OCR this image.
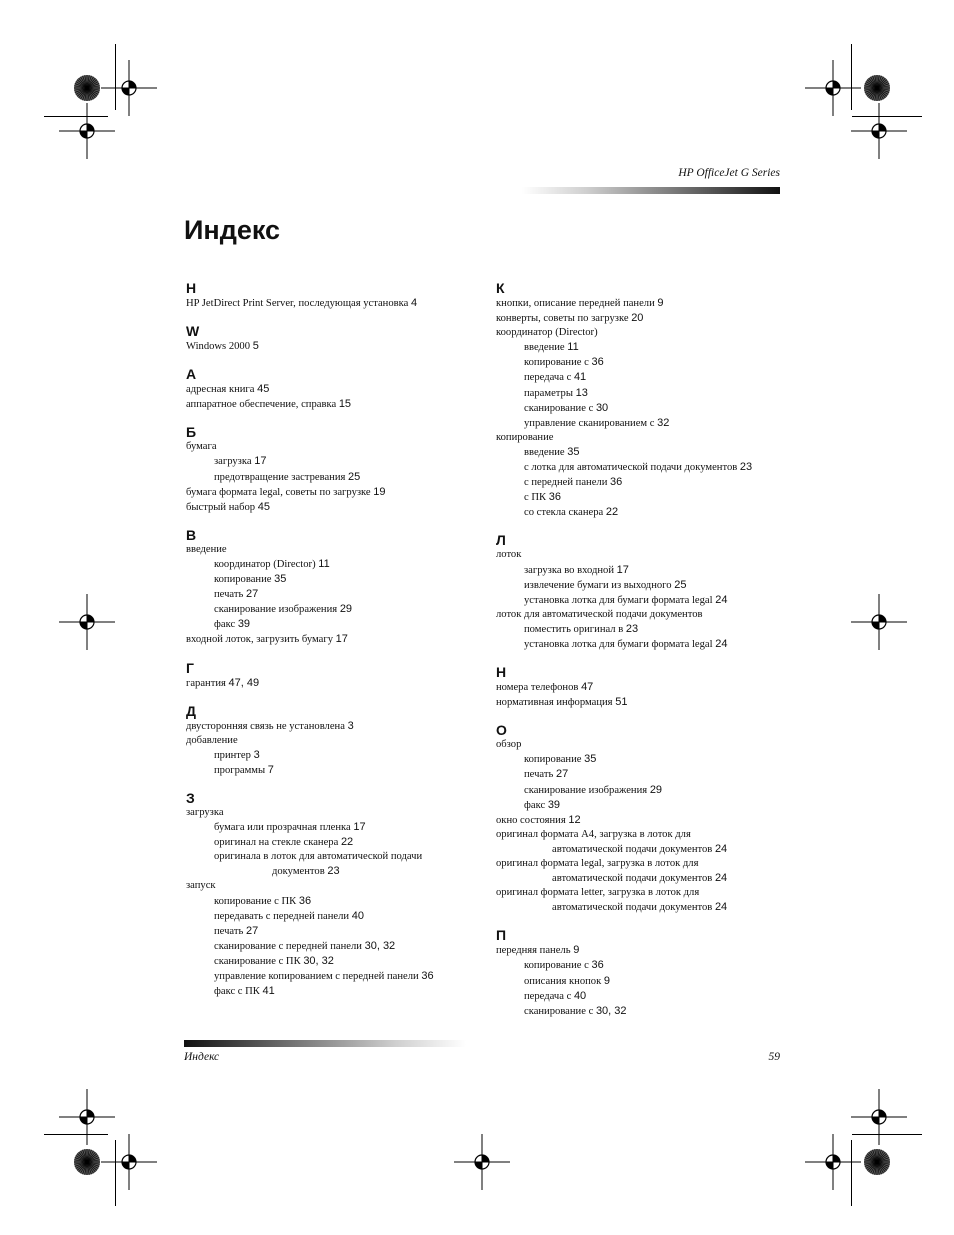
HP OfficeJet G Series
Индекс
H
HP JetDirect Print Server, последующая установка 4
W
Windows 2000 5
А
адресная книга 45
аппаратное обеспечение, справка 15
Б
бумага
загрузка 17
предотвращение застревания 25
бумага формата legal, советы по загрузке 19
быстрый набор 45
В
введение
координатор (Director) 11
копирование 35
печать 27
сканирование изображения 29
факс 39
входной лоток, загрузить бумагу 17
Г
гарантия 47, 49
Д
двусторонняя связь не установлена 3
добавление
принтер 3
программы 7
З
загрузка
бумага или прозрачная пленка 17
оригинал на стекле сканера 22
оригинала в лоток для автоматической подачи
документов 23
запуск
копирование с ПК 36
передавать с передней панели 40
печать 27
сканирование с передней панели 30, 32
сканирование с ПК 30, 32
управление копированием с передней панели 36
факс с ПК 41
К
кнопки, описание передней панели 9
конверты, советы по загрузке 20
координатор (Director)
введение 11
копирование с 36
передача с 41
параметры 13
сканирование с 30
управление сканированием с 32
копирование
введение 35
с лотка для автоматической подачи документов 23
с передней панели 36
с ПК 36
со стекла сканера 22
Л
лоток
загрузка во входной 17
извлечение бумаги из выходного 25
установка лотка для бумаги формата legal 24
лоток для автоматической подачи документов
поместить оригинал в 23
установка лотка для бумаги формата legal 24
Н
номера телефонов 47
нормативная информация 51
О
обзор
копирование 35
печать 27
сканирование изображения 29
факс 39
окно состояния 12
оригинал формата А4, загрузка в лоток для
автоматической подачи документов 24
оригинал формата legal, загрузка в лоток для
автоматической подачи документов 24
оригинал формата letter, загрузка в лоток для
автоматической подачи документов 24
П
передняя панель 9
копирование с 36
описания кнопок 9
передача с 40
сканирование с 30, 32
Индекс	59
